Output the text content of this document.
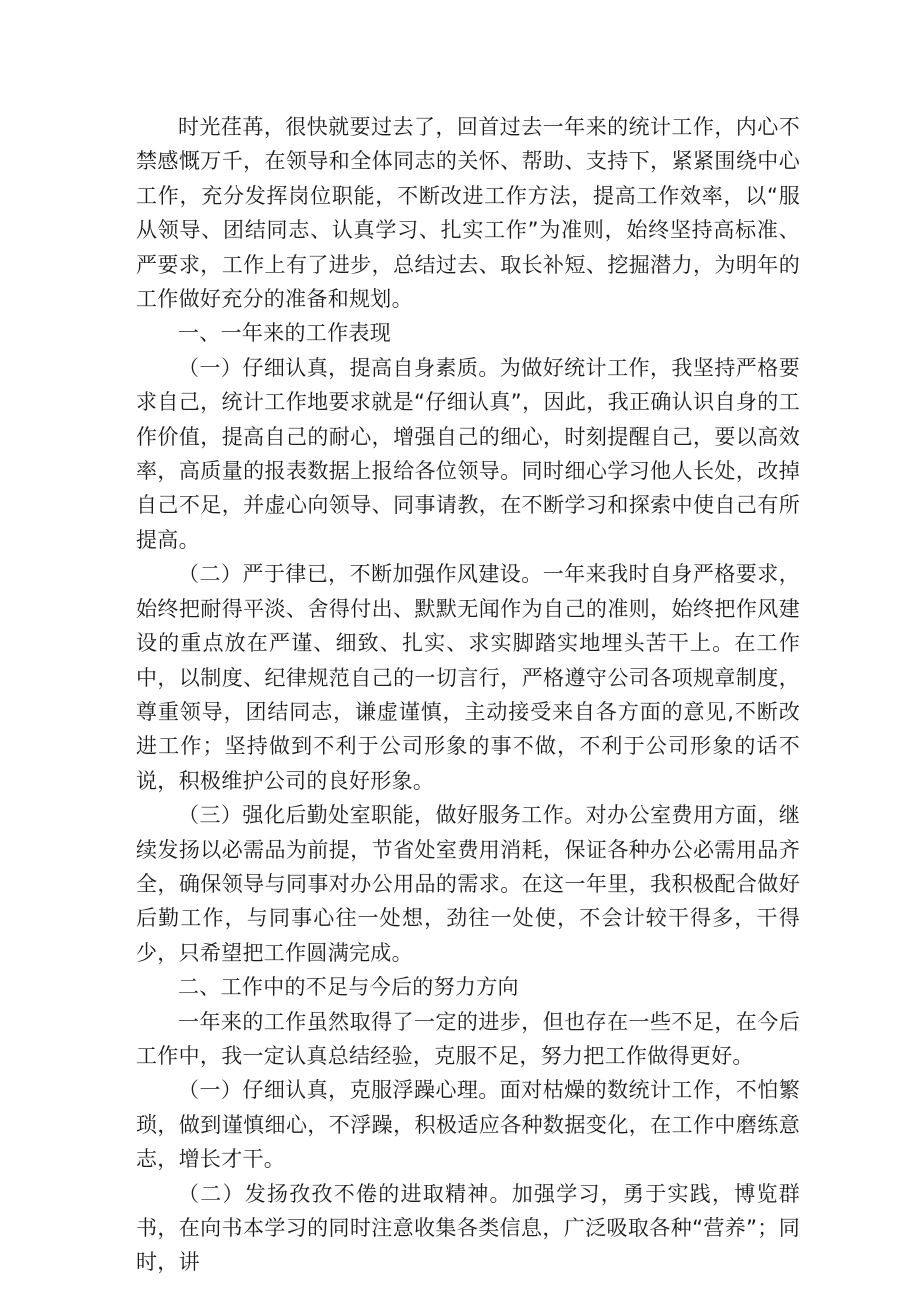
时光荏苒，很快就要过去了，回首过去一年来的统计工作，内心不禁感慨万千，在领导和全体同志的关怀、帮助、支持下，紧紧围绕中心工作，充分发挥岗位职能，不断改进工作方法，提高工作效率，以“服从领导、团结同志、认真学习、扎实工作”为准则，始终坚持高标准、严要求，工作上有了进步，总结过去、取长补短、挖掘潜力，为明年的工作做好充分的准备和规划。

一、一年来的工作表现

（一）仔细认真，提高自身素质。为做好统计工作，我坚持严格要求自己，统计工作地要求就是“仔细认真”，因此，我正确认识自身的工作价值，提高自己的耐心，增强自己的细心，时刻提醒自己，要以高效率，高质量的报表数据上报给各位领导。同时细心学习他人长处，改掉自己不足，并虚心向领导、同事请教，在不断学习和探索中使自己有所提高。

（二）严于律已，不断加强作风建设。一年来我时自身严格要求，始终把耐得平淡、舍得付出、默默无闻作为自己的准则，始终把作风建设的重点放在严谨、细致、扎实、求实脚踏实地埋头苦干上。在工作中，以制度、纪律规范自己的一切言行，严格遵守公司各项规章制度，尊重领导，团结同志，谦虚谨慎，主动接受来自各方面的意见,不断改进工作；坚持做到不利于公司形象的事不做，不利于公司形象的话不说，积极维护公司的良好形象。

（三）强化后勤处室职能，做好服务工作。对办公室费用方面，继续发扬以必需品为前提，节省处室费用消耗，保证各种办公必需用品齐全，确保领导与同事对办公用品的需求。在这一年里，我积极配合做好后勤工作，与同事心往一处想，劲往一处使，不会计较干得多，干得少，只希望把工作圆满完成。

二、工作中的不足与今后的努力方向

一年来的工作虽然取得了一定的进步，但也存在一些不足，在今后工作中，我一定认真总结经验，克服不足，努力把工作做得更好。

（一）仔细认真，克服浮躁心理。面对枯燥的数统计工作，不怕繁琐，做到谨慎细心，不浮躁，积极适应各种数据变化，在工作中磨练意志，增长才干。

（二）发扬孜孜不倦的进取精神。加强学习，勇于实践，博览群书，在向书本学习的同时注意收集各类信息，广泛吸取各种“营养”；同时，讲
